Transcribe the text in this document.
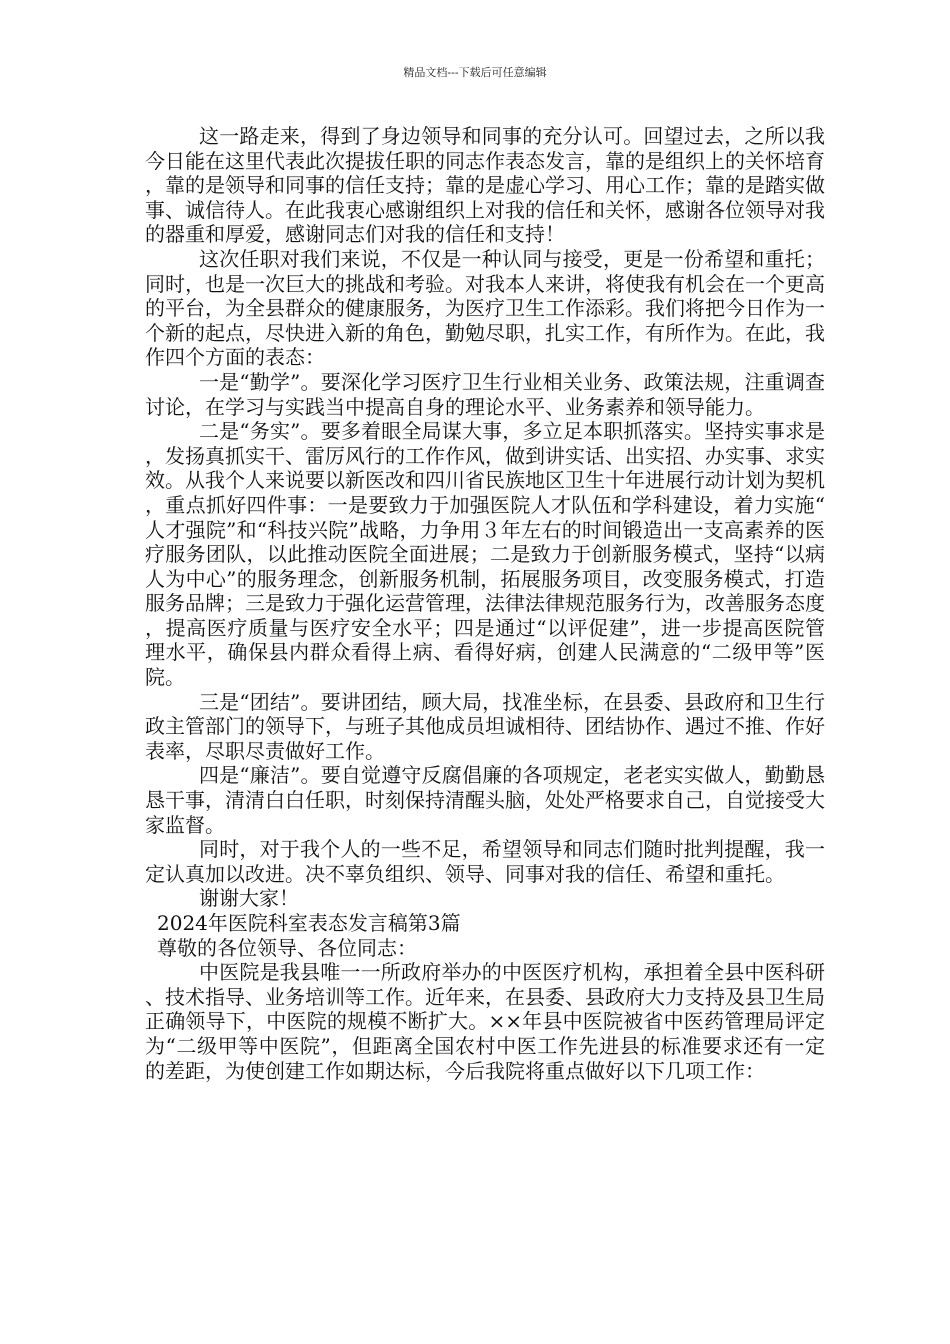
精品文档---下载后可任意编辑

这一路走来，得到了身边领导和同事的充分认可。回望过去，之所以我今日能在这里代表此次提拔任职的同志作表态发言，靠的是组织上的关怀培育，靠的是领导和同事的信任支持；靠的是虚心学习、用心工作；靠的是踏实做事、诚信待人。在此我衷心感谢组织上对我的信任和关怀，感谢各位领导对我的器重和厚爱，感谢同志们对我的信任和支持！

这次任职对我们来说，不仅是一种认同与接受，更是一份希望和重托；同时，也是一次巨大的挑战和考验。对我本人来讲，将使我有机会在一个更高的平台，为全县群众的健康服务，为医疗卫生工作添彩。我们将把今日作为一个新的起点，尽快进入新的角色，勤勉尽职，扎实工作，有所作为。在此，我作四个方面的表态：

一是“勤学”。要深化学习医疗卫生行业相关业务、政策法规，注重调查讨论，在学习与实践当中提高自身的理论水平、业务素养和领导能力。

二是“务实”。要多着眼全局谋大事，多立足本职抓落实。坚持实事求是，发扬真抓实干、雷厉风行的工作作风，做到讲实话、出实招、办实事、求实效。从我个人来说要以新医改和四川省民族地区卫生十年进展行动计划为契机，重点抓好四件事：一是要致力于加强医院人才队伍和学科建设，着力实施“人才强院”和“科技兴院”战略，力争用３年左右的时间锻造出一支高素养的医疗服务团队，以此推动医院全面进展；二是致力于创新服务模式，坚持“以病人为中心”的服务理念，创新服务机制，拓展服务项目，改变服务模式，打造服务品牌；三是致力于强化运营管理，法律法律规范服务行为，改善服务态度，提高医疗质量与医疗安全水平；四是通过“以评促建”，进一步提高医院管理水平，确保县内群众看得上病、看得好病，创建人民满意的“二级甲等”医院。

三是“团结”。要讲团结，顾大局，找准坐标，在县委、县政府和卫生行政主管部门的领导下，与班子其他成员坦诚相待、团结协作、遇过不推、作好表率，尽职尽责做好工作。

四是“廉洁”。要自觉遵守反腐倡廉的各项规定，老老实实做人，勤勤恳恳干事，清清白白任职，时刻保持清醒头脑，处处严格要求自己，自觉接受大家监督。

同时，对于我个人的一些不足，希望领导和同志们随时批判提醒，我一定认真加以改进。决不辜负组织、领导、同事对我的信任、希望和重托。

谢谢大家！

2024年医院科室表态发言稿第3篇

尊敬的各位领导、各位同志：

中医院是我县唯一一所政府举办的中医医疗机构，承担着全县中医科研、技术指导、业务培训等工作。近年来，在县委、县政府大力支持及县卫生局正确领导下，中医院的规模不断扩大。××年县中医院被省中医药管理局评定为“二级甲等中医院”，但距离全国农村中医工作先进县的标准要求还有一定的差距，为使创建工作如期达标，今后我院将重点做好以下几项工作：
